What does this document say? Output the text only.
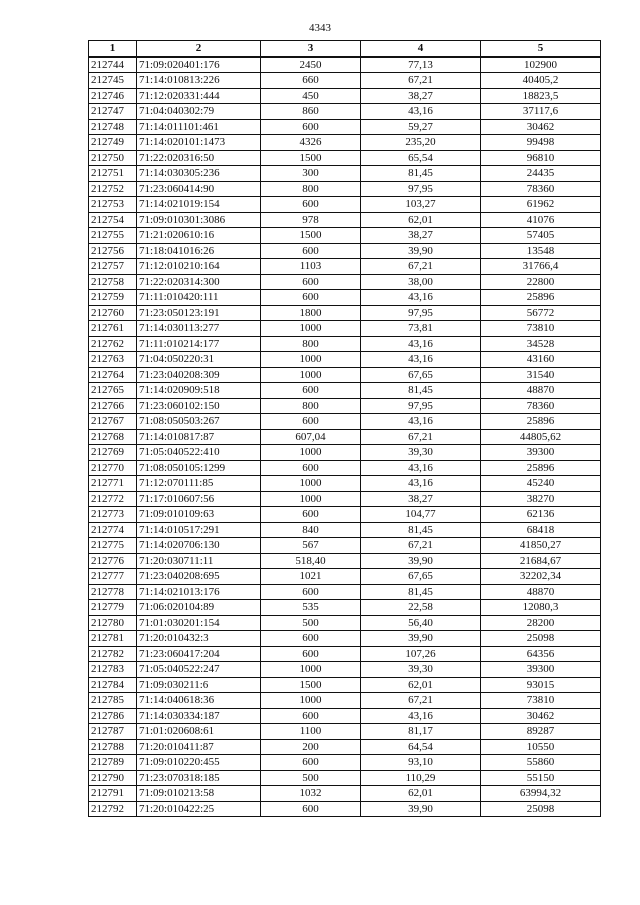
4343
1	2	3	4	5
212744	71:09:020401:176	2450	77,13	102900
212745	71:14:010813:226	660	67,21	40405,2
212746	71:12:020331:444	450	38,27	18823,5
212747	71:04:040302:79	860	43,16	37117,6
212748	71:14:011101:461	600	59,27	30462
212749	71:14:020101:1473	4326	235,20	99498
212750	71:22:020316:50	1500	65,54	96810
212751	71:14:030305:236	300	81,45	24435
212752	71:23:060414:90	800	97,95	78360
212753	71:14:021019:154	600	103,27	61962
212754	71:09:010301:3086	978	62,01	41076
212755	71:21:020610:16	1500	38,27	57405
212756	71:18:041016:26	600	39,90	13548
212757	71:12:010210:164	1103	67,21	31766,4
212758	71:22:020314:300	600	38,00	22800
212759	71:11:010420:111	600	43,16	25896
212760	71:23:050123:191	1800	97,95	56772
212761	71:14:030113:277	1000	73,81	73810
212762	71:11:010214:177	800	43,16	34528
212763	71:04:050220:31	1000	43,16	43160
212764	71:23:040208:309	1000	67,65	31540
212765	71:14:020909:518	600	81,45	48870
212766	71:23:060102:150	800	97,95	78360
212767	71:08:050503:267	600	43,16	25896
212768	71:14:010817:87	607,04	67,21	44805,62
212769	71:05:040522:410	1000	39,30	39300
212770	71:08:050105:1299	600	43,16	25896
212771	71:12:070111:85	1000	43,16	45240
212772	71:17:010607:56	1000	38,27	38270
212773	71:09:010109:63	600	104,77	62136
212774	71:14:010517:291	840	81,45	68418
212775	71:14:020706:130	567	67,21	41850,27
212776	71:20:030711:11	518,40	39,90	21684,67
212777	71:23:040208:695	1021	67,65	32202,34
212778	71:14:021013:176	600	81,45	48870
212779	71:06:020104:89	535	22,58	12080,3
212780	71:01:030201:154	500	56,40	28200
212781	71:20:010432:3	600	39,90	25098
212782	71:23:060417:204	600	107,26	64356
212783	71:05:040522:247	1000	39,30	39300
212784	71:09:030211:6	1500	62,01	93015
212785	71:14:040618:36	1000	67,21	73810
212786	71:14:030334:187	600	43,16	30462
212787	71:01:020608:61	1100	81,17	89287
212788	71:20:010411:87	200	64,54	10550
212789	71:09:010220:455	600	93,10	55860
212790	71:23:070318:185	500	110,29	55150
212791	71:09:010213:58	1032	62,01	63994,32
212792	71:20:010422:25	600	39,90	25098
